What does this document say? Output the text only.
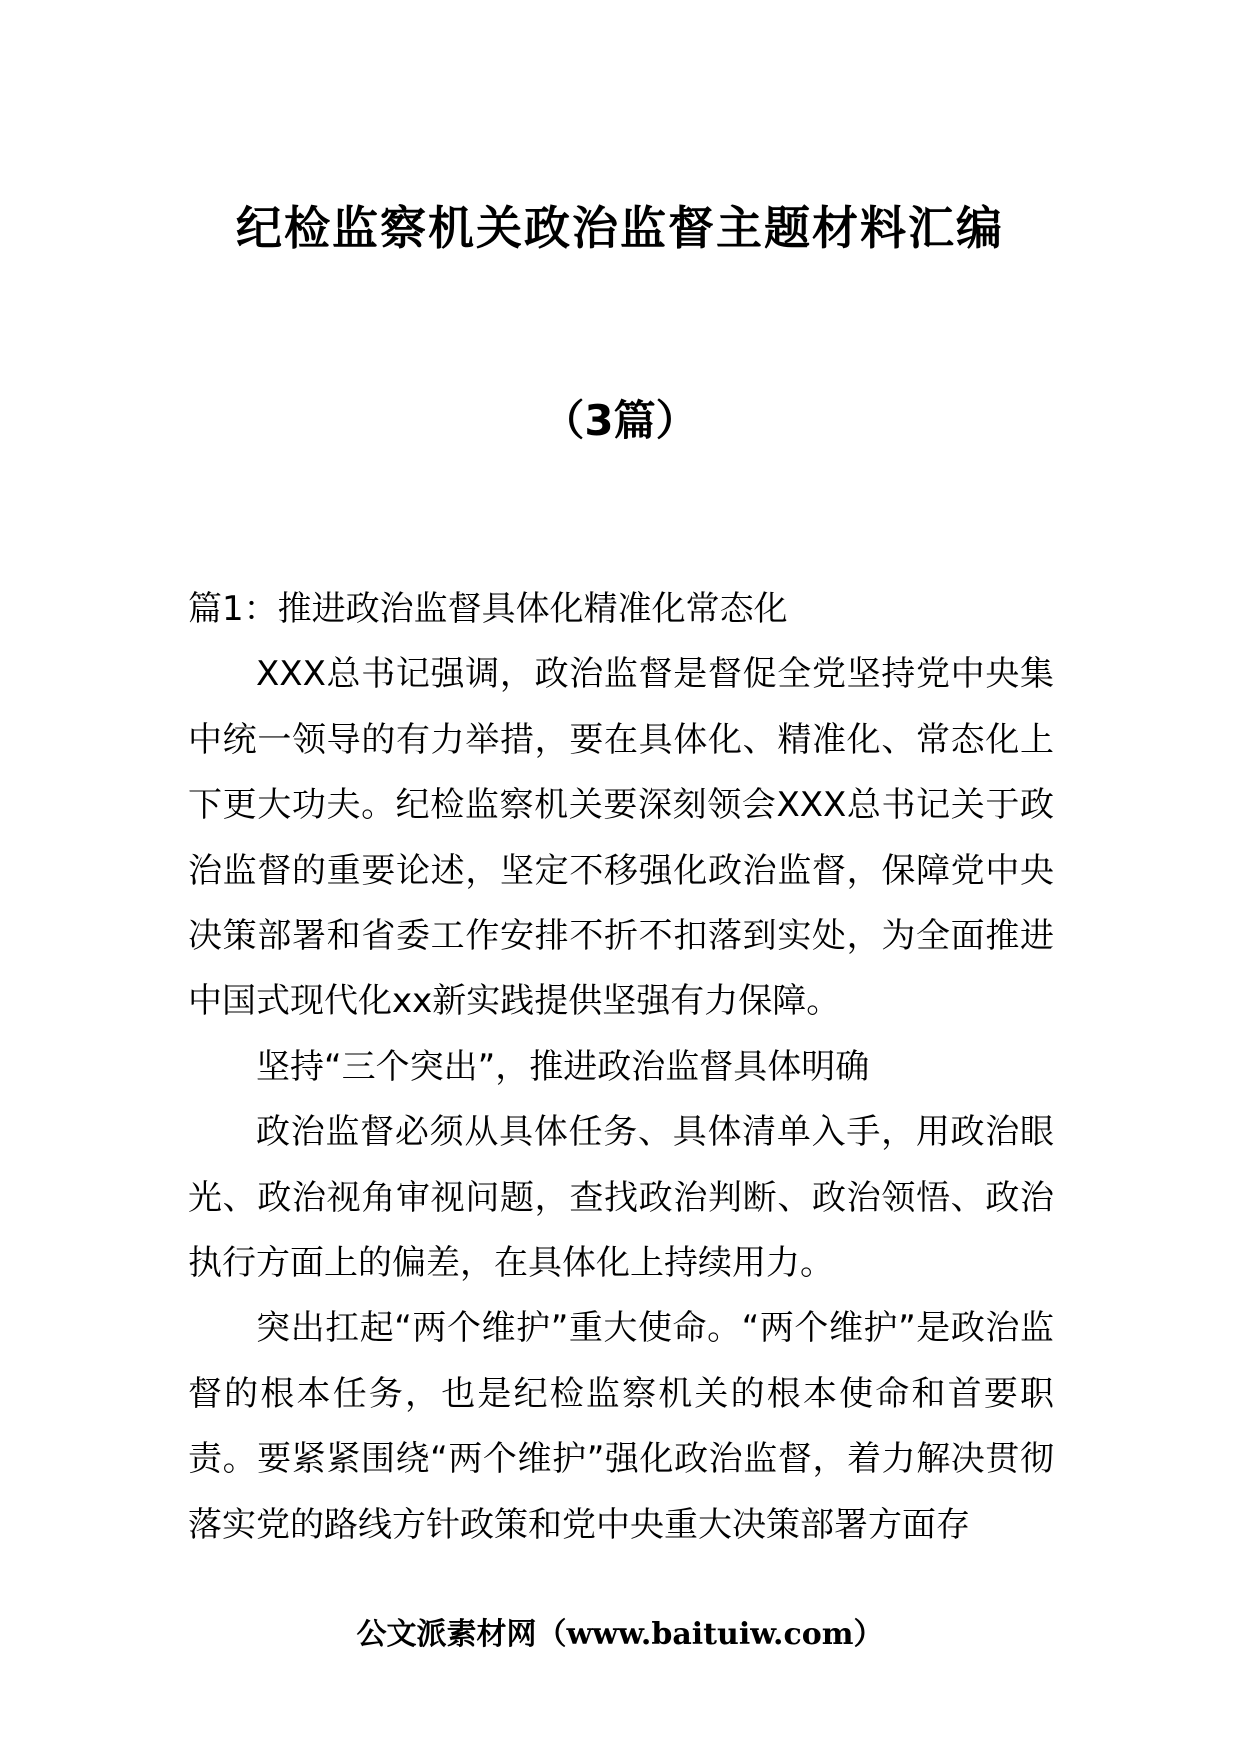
纪检监察机关政治监督主题材料汇编
（3篇）

篇1：推进政治监督具体化精准化常态化

XXX总书记强调，政治监督是督促全党坚持党中央集中统一领导的有力举措，要在具体化、精准化、常态化上下更大功夫。纪检监察机关要深刻领会XXX总书记关于政治监督的重要论述，坚定不移强化政治监督，保障党中央决策部署和省委工作安排不折不扣落到实处，为全面推进中国式现代化xx新实践提供坚强有力保障。

坚持“三个突出”，推进政治监督具体明确

政治监督必须从具体任务、具体清单入手，用政治眼光、政治视角审视问题，查找政治判断、政治领悟、政治执行方面上的偏差，在具体化上持续用力。

突出扛起“两个维护”重大使命。“两个维护”是政治监督的根本任务，也是纪检监察机关的根本使命和首要职责。要紧紧围绕“两个维护”强化政治监督，着力解决贯彻落实党的路线方针政策和党中央重大决策部署方面存

公文派素材网（www.baituiw.com）
